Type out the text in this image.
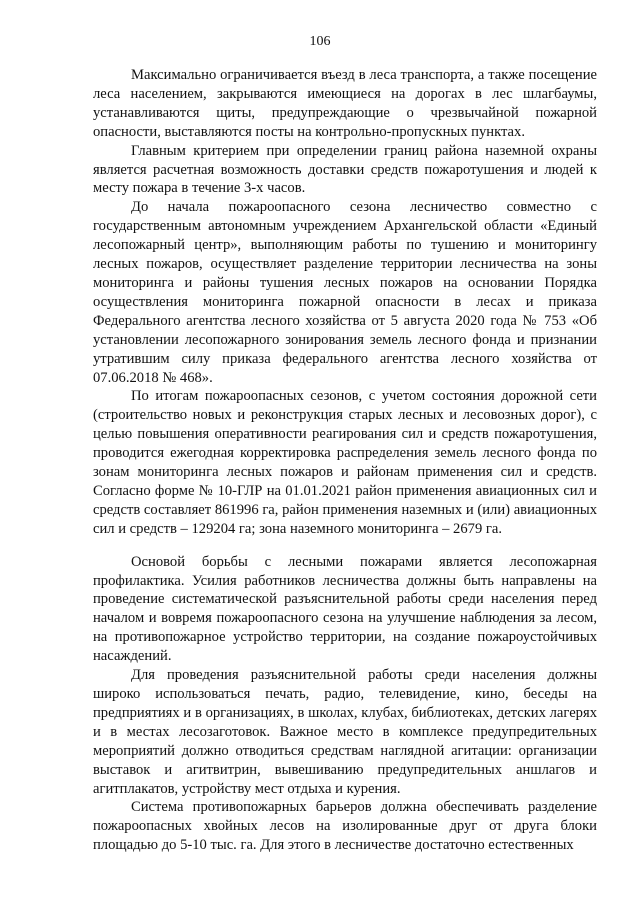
106

Максимально ограничивается въезд в леса транспорта, а также посещение леса населением, закрываются имеющиеся на дорогах в лес шлагбаумы, устанавливаются щиты, предупреждающие о чрезвычайной пожарной опасности, выставляются посты на контрольно-пропускных пунктах.

Главным критерием при определении границ района наземной охраны является расчетная возможность доставки средств пожаротушения и людей к месту пожара в течение 3-х часов.

До начала пожароопасного сезона лесничество совместно с государственным автономным учреждением Архангельской области «Единый лесопожарный центр», выполняющим работы по тушению и мониторингу лесных пожаров, осуществляет разделение территории лесничества на зоны мониторинга и районы тушения лесных пожаров на основании Порядка осуществления мониторинга пожарной опасности в лесах и приказа Федерального агентства лесного хозяйства от 5 августа 2020 года № 753 «Об установлении лесопожарного зонирования земель лесного фонда и признании утратившим силу приказа федерального агентства лесного хозяйства от 07.06.2018 № 468».

По итогам пожароопасных сезонов, с учетом состояния дорожной сети (строительство новых и реконструкция старых лесных и лесовозных дорог), с целью повышения оперативности реагирования сил и средств пожаротушения, проводится ежегодная корректировка распределения земель лесного фонда по зонам мониторинга лесных пожаров и районам применения сил и средств. Согласно форме № 10-ГЛР на 01.01.2021 район применения авиационных сил и средств составляет 861996 га, район применения наземных и (или) авиационных сил и средств – 129204 га; зона наземного мониторинга – 2679 га.

Основой борьбы с лесными пожарами является лесопожарная профилактика. Усилия работников лесничества должны быть направлены на проведение систематической разъяснительной работы среди населения перед началом и вовремя пожароопасного сезона на улучшение наблюдения за лесом, на противопожарное устройство территории, на создание пожароустойчивых насаждений.

Для проведения разъяснительной работы среди населения должны широко использоваться печать, радио, телевидение, кино, беседы на предприятиях и в организациях, в школах, клубах, библиотеках, детских лагерях и в местах лесозаготовок. Важное место в комплексе предупредительных мероприятий должно отводиться средствам наглядной агитации: организации выставок и агитвитрин, вывешиванию предупредительных аншлагов и агитплакатов, устройству мест отдыха и курения.

Система противопожарных барьеров должна обеспечивать разделение пожароопасных хвойных лесов на изолированные друг от друга блоки площадью до 5-10 тыс. га. Для этого в лесничестве достаточно естественных
